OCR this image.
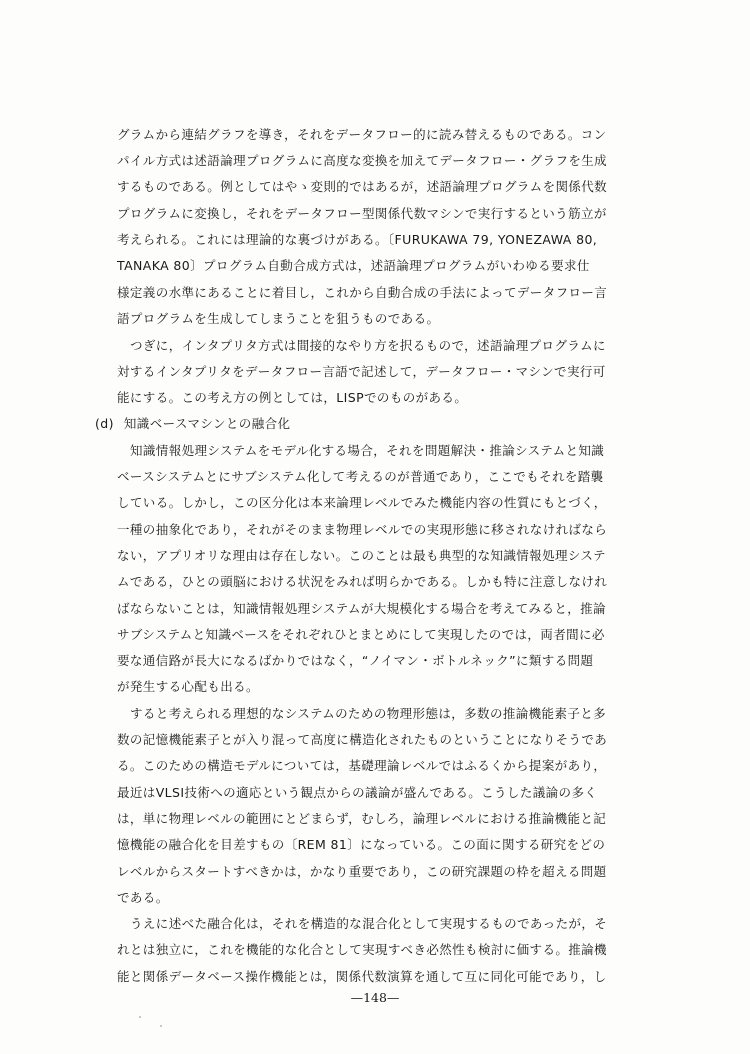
グラムから連結グラフを導き，それをデータフロー的に読み替えるものである。コン
パイル方式は述語論理プログラムに高度な変換を加えてデータフロー・グラフを生成
するものである。例としてはやゝ変則的ではあるが，述語論理プログラムを関係代数
プログラムに変換し，それをデータフロー型関係代数マシンで実行するという筋立が
考えられる。これには理論的な裏づけがある。〔FURUKAWA 79, YONEZAWA 80,
TANAKA 80〕プログラム自動合成方式は，述語論理プログラムがいわゆる要求仕
様定義の水準にあることに着目し，これから自動合成の手法によってデータフロー言
語プログラムを生成してしまうことを狙うものである。
つぎに，インタプリタ方式は間接的なやり方を択るもので，述語論理プログラムに
対するインタプリタをデータフロー言語で記述して，データフロー・マシンで実行可
能にする。この考え方の例としては，LISPでのものがある。
(d) 知識ベースマシンとの融合化
知識情報処理システムをモデル化する場合，それを問題解決・推論システムと知識
ベースシステムとにサブシステム化して考えるのが普通であり，ここでもそれを踏襲
している。しかし，この区分化は本来論理レベルでみた機能内容の性質にもとづく，
一種の抽象化であり，それがそのまま物理レベルでの実現形態に移されなければなら
ない，アプリオリな理由は存在しない。このことは最も典型的な知識情報処理システ
ムである，ひとの頭脳における状況をみれば明らかである。しかも特に注意しなけれ
ばならないことは，知識情報処理システムが大規模化する場合を考えてみると，推論
サブシステムと知識ベースをそれぞれひとまとめにして実現したのでは，両者間に必
要な通信路が長大になるばかりではなく，“ノイマン・ボトルネック”に類する問題
が発生する心配も出る。
すると考えられる理想的なシステムのための物理形態は，多数の推論機能素子と多
数の記憶機能素子とが入り混って高度に構造化されたものということになりそうであ
る。このための構造モデルについては，基礎理論レベルではふるくから提案があり，
最近はVLSI技術への適応という観点からの議論が盛んである。こうした議論の多く
は，単に物理レベルの範囲にとどまらず，むしろ，論理レベルにおける推論機能と記
憶機能の融合化を目差すもの〔REM 81〕になっている。この面に関する研究をどの
レベルからスタートすべきかは，かなり重要であり，この研究課題の枠を超える問題
である。
うえに述べた融合化は，それを構造的な混合化として実現するものであったが，そ
れとは独立に，これを機能的な化合として実現すべき必然性も検討に価する。推論機
能と関係データベース操作機能とは，関係代数演算を通して互に同化可能であり，し
—148—
